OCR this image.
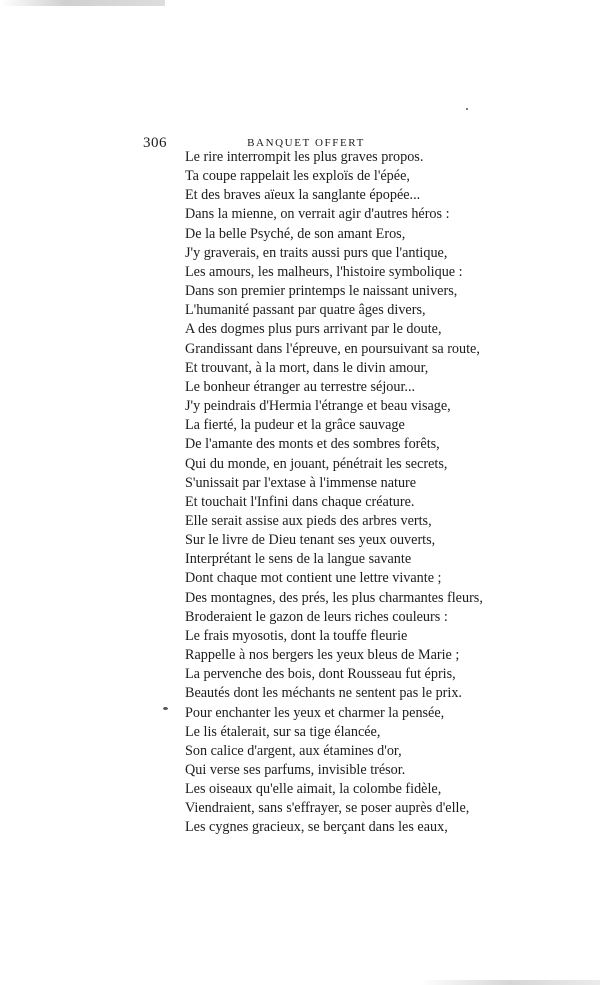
306	BANQUET OFFERT
Le rire interrompit les plus graves propos.
Ta coupe rappelait les exploïs de l'épée,
Et des braves aïeux la sanglante épopée...
Dans la mienne, on verrait agir d'autres héros :
De la belle Psyché, de son amant Eros,
J'y graverais, en traits aussi purs que l'antique,
Les amours, les malheurs, l'histoire symbolique :
Dans son premier printemps le naissant univers,
L'humanité passant par quatre âges divers,
A des dogmes plus purs arrivant par le doute,
Grandissant dans l'épreuve, en poursuivant sa route,
Et trouvant, à la mort, dans le divin amour,
Le bonheur étranger au terrestre séjour...
J'y peindrais d'Hermia l'étrange et beau visage,
La fierté, la pudeur et la grâce sauvage
De l'amante des monts et des sombres forêts,
Qui du monde, en jouant, pénétrait les secrets,
S'unissait par l'extase à l'immense nature
Et touchait l'Infini dans chaque créature.
Elle serait assise aux pieds des arbres verts,
Sur le livre de Dieu tenant ses yeux ouverts,
Interprétant le sens de la langue savante
Dont chaque mot contient une lettre vivante ;
Des montagnes, des prés, les plus charmantes fleurs,
Broderaient le gazon de leurs riches couleurs :
Le frais myosotis, dont la touffe fleurie
Rappelle à nos bergers les yeux bleus de Marie ;
La pervenche des bois, dont Rousseau fut épris,
Beautés dont les méchants ne sentent pas le prix.
Pour enchanter les yeux et charmer la pensée,
Le lis étalerait, sur sa tige élancée,
Son calice d'argent, aux étamines d'or,
Qui verse ses parfums, invisible trésor.
Les oiseaux qu'elle aimait, la colombe fidèle,
Viendraient, sans s'effrayer, se poser auprès d'elle,
Les cygnes gracieux, se berçant dans les eaux,
